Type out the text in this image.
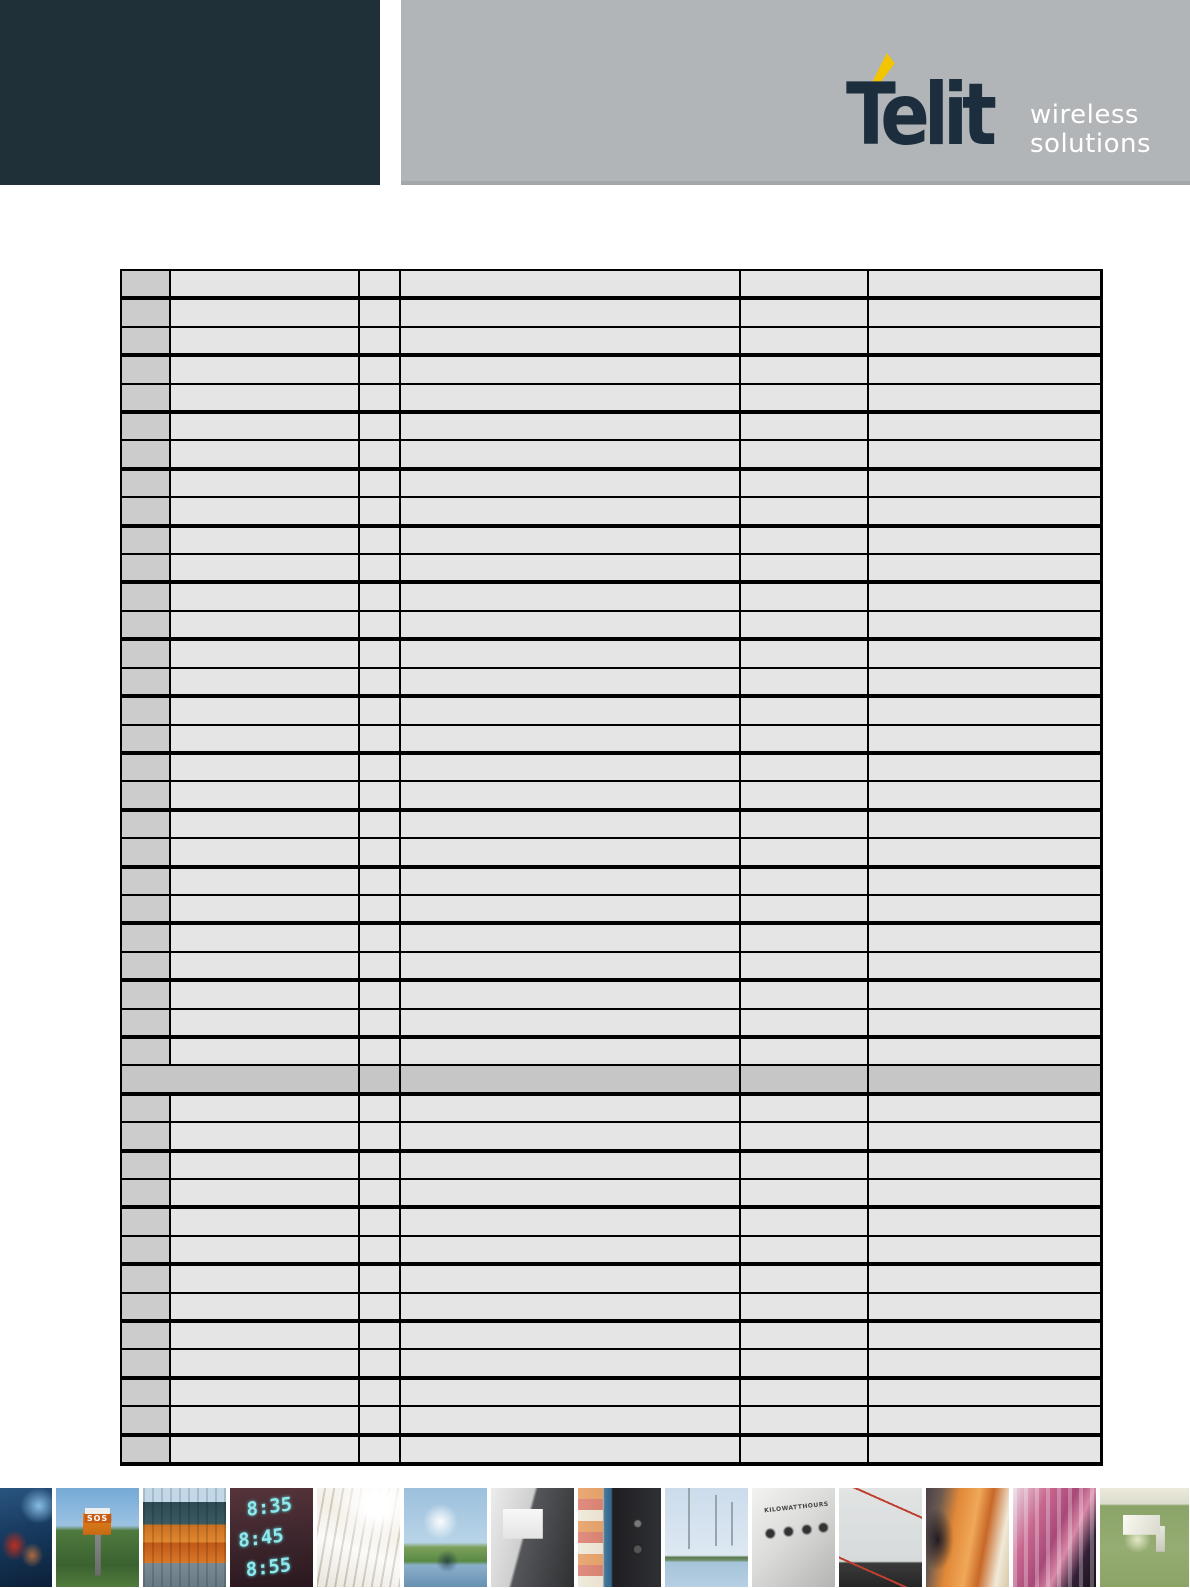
Telit wireless
solutions
SOS	8:35
8:45
8:55
KILOWATTHOURS
